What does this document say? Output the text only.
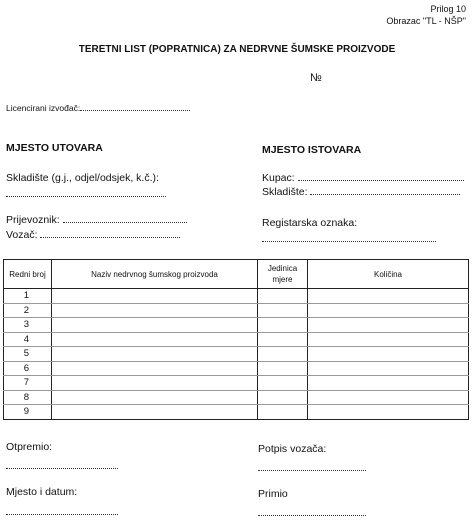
Prilog 10
Obrazac "TL - NŠP"
TERETNI LIST (POPRATNICA) ZA NEDRVNE ŠUMSKE PROIZVODE
№
Licencirani izvođač:
MJESTO UTOVARA
Skladište (g.j., odjel/odsjek, k.č.):
Prijevoznik:
Vozač:
MJESTO ISTOVARA
Kupac:
Skladište:
Registarska oznaka:
Redni broj	Naziv nedrvnog šumskog proizvoda	Jedinica mjere	Količina
1			
2			
3			
4			
5			
6			
7			
8			
9			
Otpremio:	Potpis vozača:
Mjesto i datum:	Primio
